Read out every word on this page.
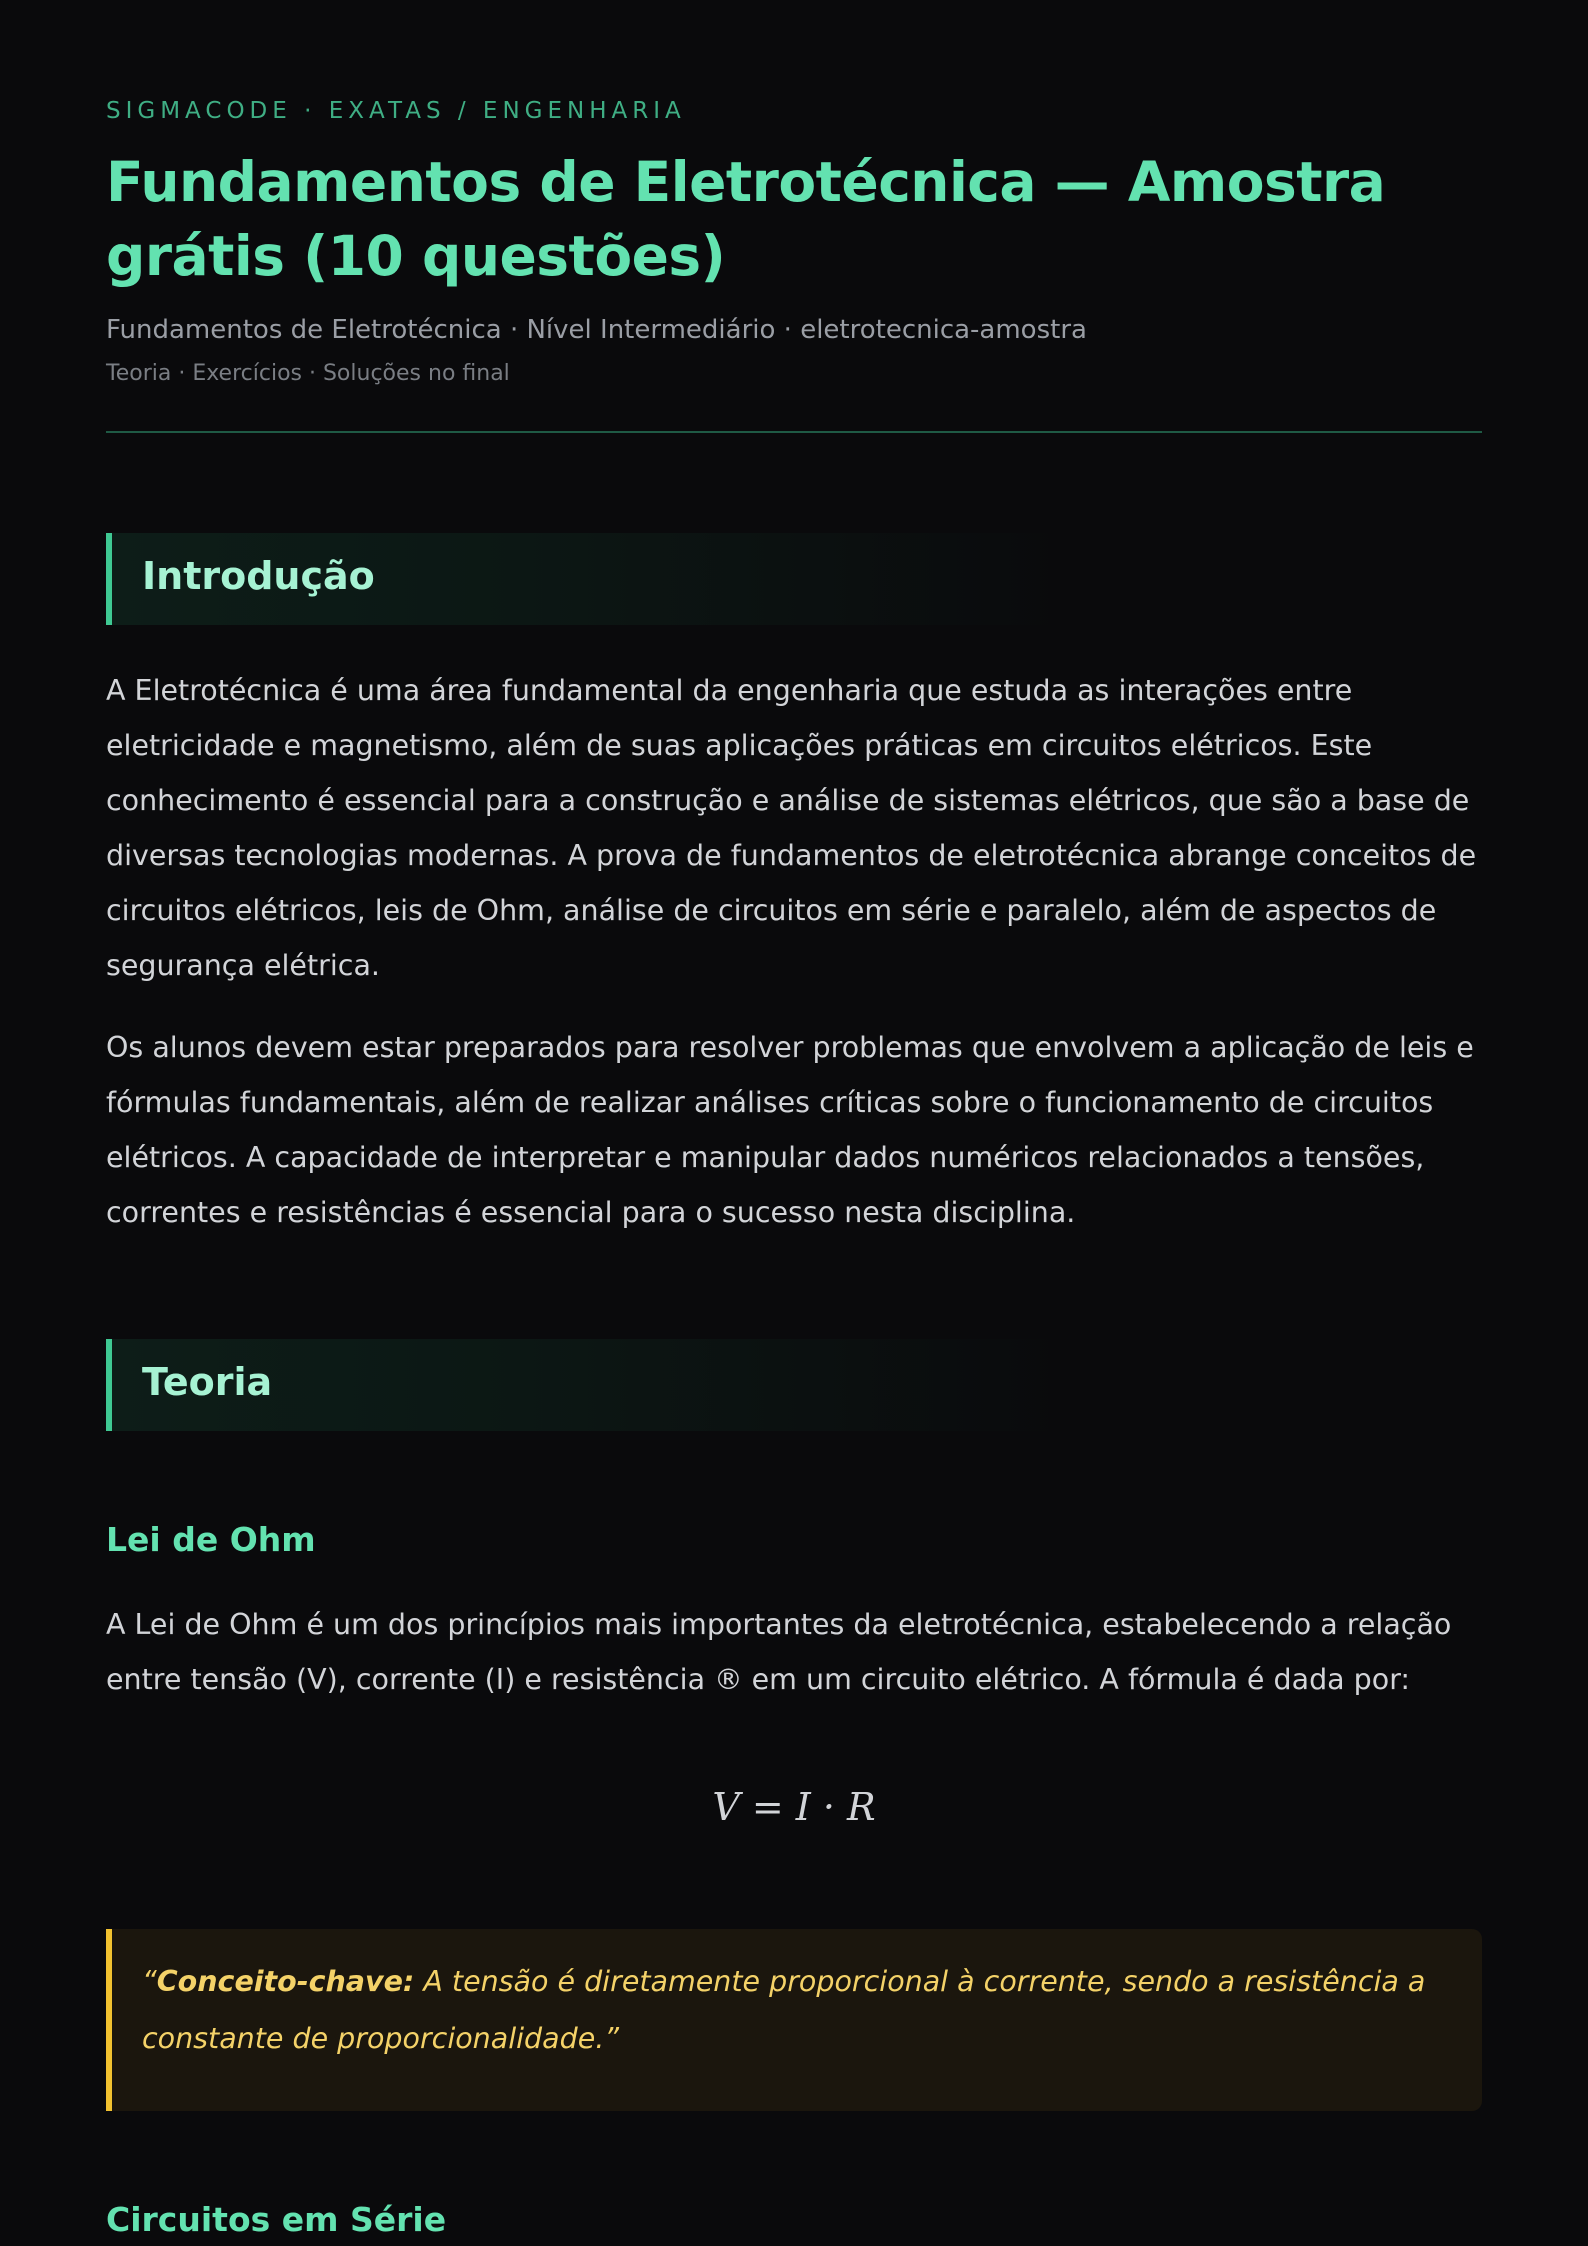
SIGMACODE · EXATAS / ENGENHARIA
Fundamentos de Eletrotécnica — Amostra grátis (10 questões)
Fundamentos de Eletrotécnica · Nível Intermediário · eletrotecnica-amostra
Teoria · Exercícios · Soluções no final
Introdução

A Eletrotécnica é uma área fundamental da engenharia que estuda as interações entre eletricidade e magnetismo, além de suas aplicações práticas em circuitos elétricos. Este conhecimento é essencial para a construção e análise de sistemas elétricos, que são a base de diversas tecnologias modernas. A prova de fundamentos de eletrotécnica abrange conceitos de circuitos elétricos, leis de Ohm, análise de circuitos em série e paralelo, além de aspectos de segurança elétrica.

Os alunos devem estar preparados para resolver problemas que envolvem a aplicação de leis e fórmulas fundamentais, além de realizar análises críticas sobre o funcionamento de circuitos elétricos. A capacidade de interpretar e manipular dados numéricos relacionados a tensões, correntes e resistências é essencial para o sucesso nesta disciplina.

Teoria
Lei de Ohm

A Lei de Ohm é um dos princípios mais importantes da eletrotécnica, estabelecendo a relação entre tensão (V), corrente (I) e resistência ® em um circuito elétrico. A fórmula é dada por:

V = I · R

“Conceito-chave: A tensão é diretamente proporcional à corrente, sendo a resistência a constante de proporcionalidade.”

Circuitos em Série
